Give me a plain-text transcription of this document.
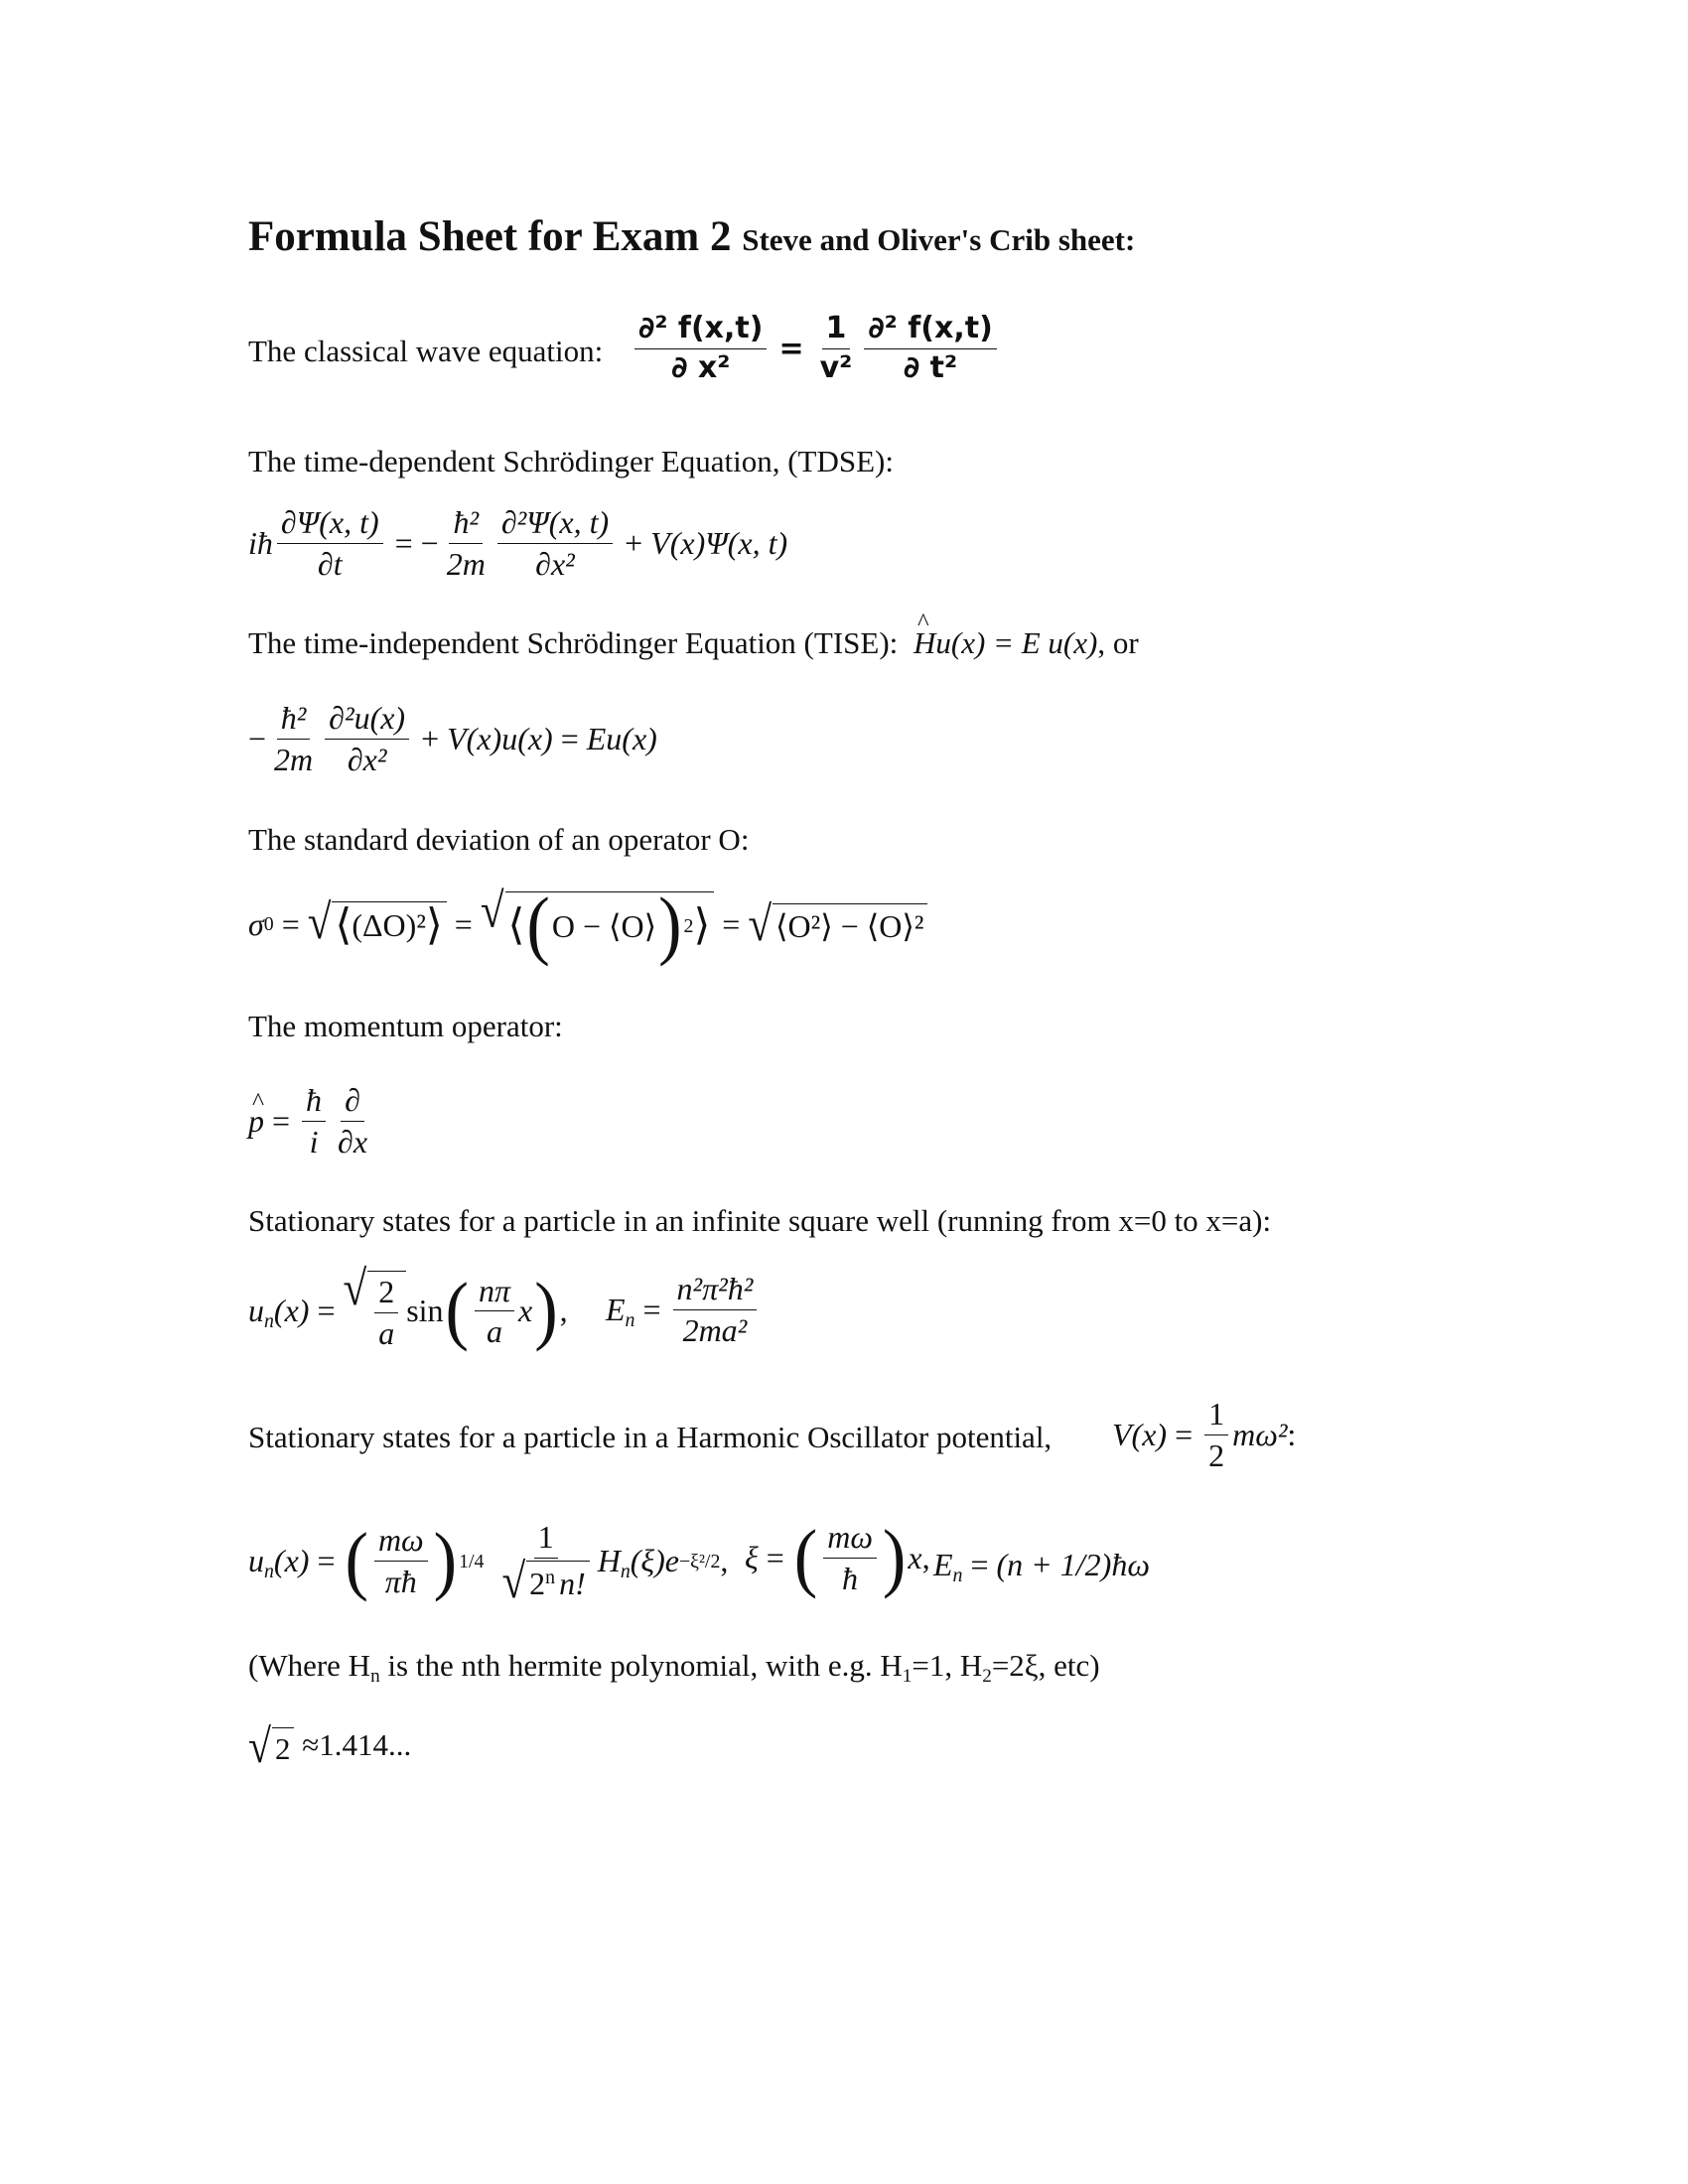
Formula Sheet for Exam 2 Steve and Oliver's Crib sheet:
The classical wave equation: $\frac{\text{∂² f(x,t)}}{\text{∂ x²}} = \frac{1}{\text{v²}} \frac{\text{∂² f(x,t)}}{\text{∂ t²}}$
The time-dependent Schrödinger Equation, (TDSE):
iħ $\frac{\partial\Psi(x, t)}{\partial t}$ = − $\frac{\text{ħ²}}{2m} \frac{\text{∂²Ψ(x, t)}}{\text{∂x²}} + V(x)\Psi(x$, t)
The time-independent Schrödinger Equation (TISE): ^ Hu(x) = E u(x), or
− $\frac{\text{ħ²}}{2m} \frac{\text{∂²u(x)}}{\text{∂x²}} + V(x)u(x) = Eu(x)$
The standard deviation of an operator O:
σ 0 = √ ⟨ (ΔO)² ⟩ = √ ⟨ ( O − ⟨O⟩ ) 2 ⟩ = √ ⟨O²⟩ − ⟨O⟩²
The momentum operator:
^ $p = \frac{ħ}{i} \frac{\partial}{\partial x}$
Stationary states for a particle in an infinite square well (running from x=0 to x=a):
$u_n(x)$ = √ $\frac{2}{a}$ sin ( $\frac{n\pi}{a}$ x ) , $E_n = \frac{\text{n²π²ħ²}}{\text{2ma²}}$
Stationary states for a particle in a Harmonic Oscillator potential, $V(x) = \frac{1}{2} m\omega^2$ :
$u_n(x)$ = ( $\frac{m\omega}{\pi ħ}$ ) $1/4 \frac{1}{√ 2^n n!} H_n(\xi)e -\xi^2/2$ , ξ = ( $\frac{m\omega}{ħ}$ ) x , $E_n = (n$ + 1/2)ħω
(Where $H_n$ is the nth hermite polynomial, with e.g. $H_1=1$, $H_2=2\xi$, etc)
√ 2 ≈1.414...
